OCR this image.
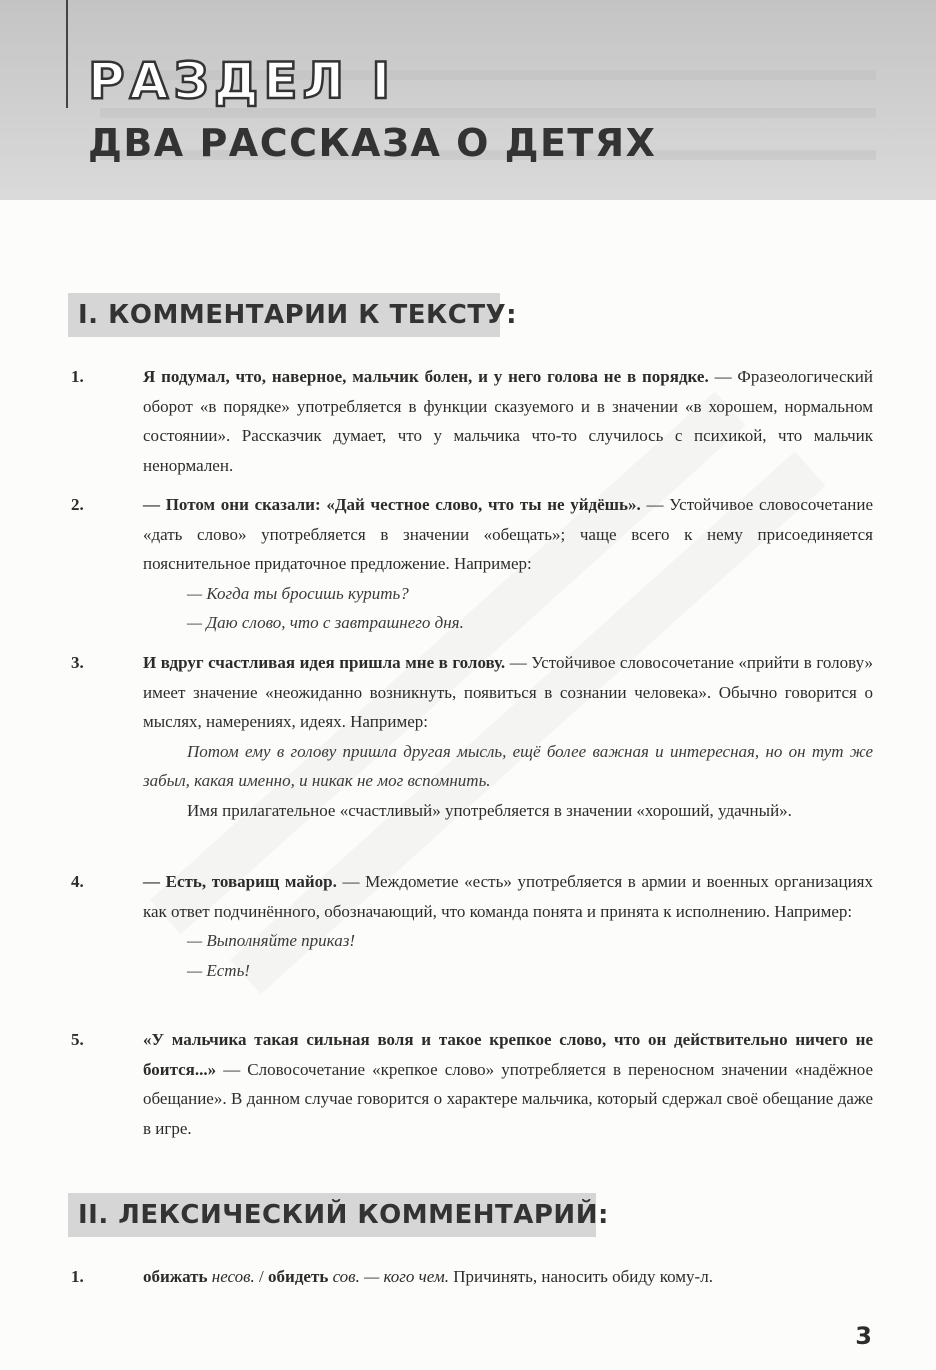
РАЗДЕЛ I
ДВА РАССКАЗА О ДЕТЯХ
I. КОММЕНТАРИИ К ТЕКСТУ:
1.	Я подумал, что, наверное, мальчик болен, и у него голова не в порядке. — Фразеологический оборот «в порядке» употребляется в функции сказуемого и в значении «в хорошем, нормальном состоянии». Рассказчик думает, что у мальчика что-то случилось с психикой, что мальчик ненормален.
2.	— Потом они сказали: «Дай честное слово, что ты не уйдёшь». — Устойчивое словосочетание «дать слово» употребляется в значении «обещать»; чаще всего к нему присоединяется пояснительное придаточное предложение. Например:
— Когда ты бросишь курить?
— Даю слово, что с завтрашнего дня.
3.	И вдруг счастливая идея пришла мне в голову. — Устойчивое словосочетание «прийти в голову» имеет значение «неожиданно возникнуть, появиться в сознании человека». Обычно говорится о мыслях, намерениях, идеях. Например:
Потом ему в голову пришла другая мысль, ещё более важная и интересная, но он тут же забыл, какая именно, и никак не мог вспомнить.
Имя прилагательное «счастливый» употребляется в значении «хороший, удачный».
4.	— Есть, товарищ майор. — Междометие «есть» употребляется в армии и военных организациях как ответ подчинённого, обозначающий, что команда понята и принята к исполнению. Например:
— Выполняйте приказ!
— Есть!
5.	«У мальчика такая сильная воля и такое крепкое слово, что он действительно ничего не боится...» — Словосочетание «крепкое слово» употребляется в переносном значении «надёжное обещание». В данном случае говорится о характере мальчика, который сдержал своё обещание даже в игре.
II. ЛЕКСИЧЕСКИЙ КОММЕНТАРИЙ:
1.	обижать несов. / обидеть сов. — кого чем. Причинять, наносить обиду кому-л.
3
